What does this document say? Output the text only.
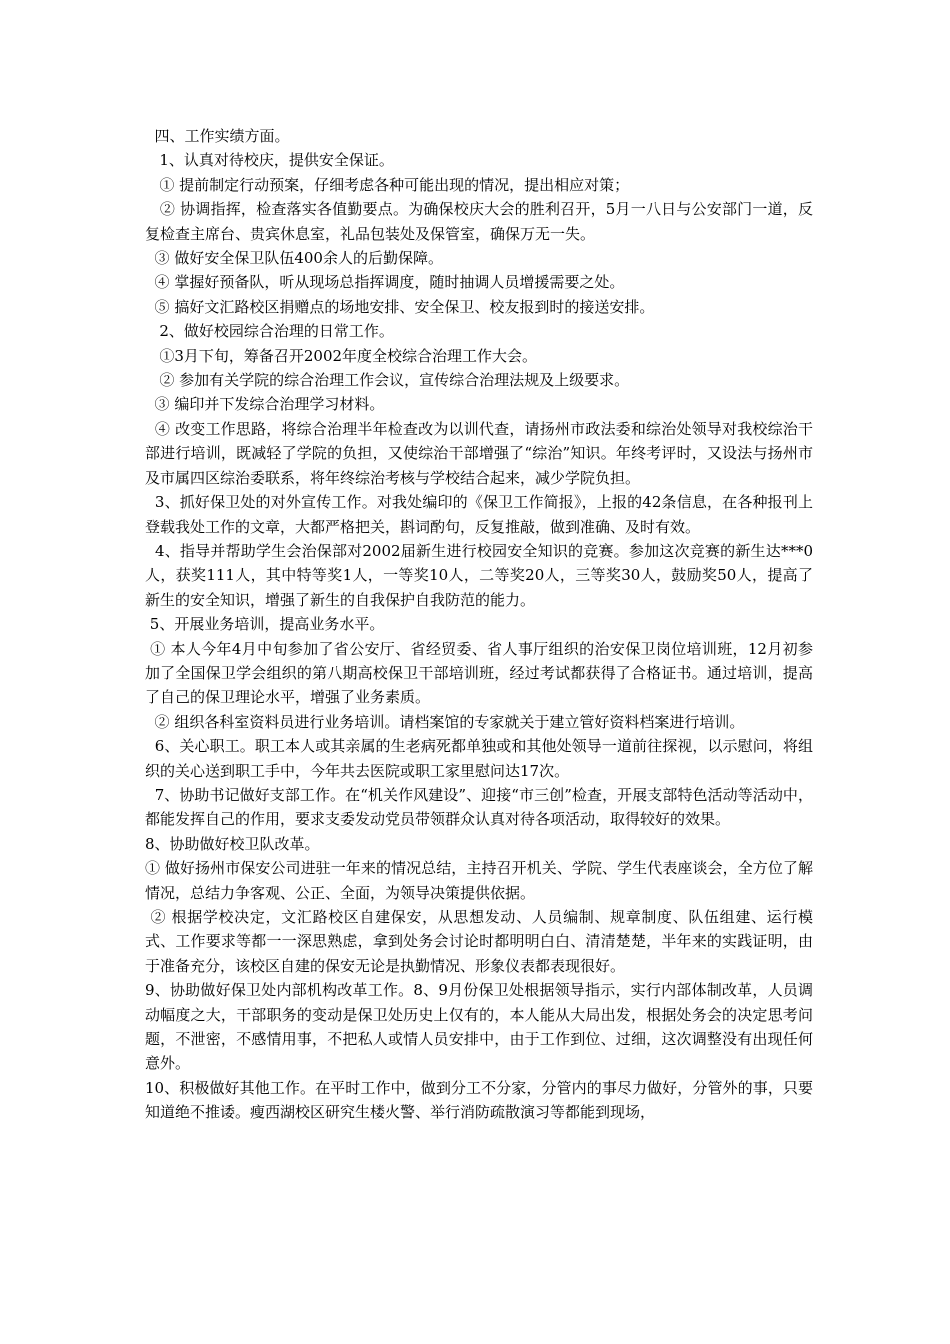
四、工作实绩方面。

1、认真对待校庆，提供安全保证。

① 提前制定行动预案，仔细考虑各种可能出现的情况，提出相应对策；

② 协调指挥，检查落实各值勤要点。为确保校庆大会的胜利召开，5月一八日与公安部门一道，反复检查主席台、贵宾休息室，礼品包装处及保管室，确保万无一失。

③ 做好安全保卫队伍400余人的后勤保障。

④ 掌握好预备队，听从现场总指挥调度，随时抽调人员增援需要之处。

⑤ 搞好文汇路校区捐赠点的场地安排、安全保卫、校友报到时的接送安排。

2、做好校园综合治理的日常工作。

①3月下旬，筹备召开2002年度全校综合治理工作大会。

② 参加有关学院的综合治理工作会议，宣传综合治理法规及上级要求。

③ 编印并下发综合治理学习材料。

④ 改变工作思路，将综合治理半年检查改为以训代查，请扬州市政法委和综治处领导对我校综治干部进行培训，既减轻了学院的负担，又使综治干部增强了“综治”知识。年终考评时，又设法与扬州市及市属四区综治委联系，将年终综治考核与学校结合起来，减少学院负担。

3、抓好保卫处的对外宣传工作。对我处编印的《保卫工作简报》，上报的42条信息，在各种报刊上登载我处工作的文章，大都严格把关，斟词酌句，反复推敲，做到准确、及时有效。

4、指导并帮助学生会治保部对2002届新生进行校园安全知识的竞赛。参加这次竞赛的新生达***0人，获奖111人，其中特等奖1人，一等奖10人，二等奖20人，三等奖30人，鼓励奖50人，提高了新生的安全知识，增强了新生的自我保护自我防范的能力。

5、开展业务培训，提高业务水平。

① 本人今年4月中旬参加了省公安厅、省经贸委、省人事厅组织的治安保卫岗位培训班，12月初参加了全国保卫学会组织的第八期高校保卫干部培训班，经过考试都获得了合格证书。通过培训，提高了自己的保卫理论水平，增强了业务素质。

② 组织各科室资料员进行业务培训。请档案馆的专家就关于建立管好资料档案进行培训。

6、关心职工。职工本人或其亲属的生老病死都单独或和其他处领导一道前往探视，以示慰问，将组织的关心送到职工手中，今年共去医院或职工家里慰问达17次。

7、协助书记做好支部工作。在“机关作风建设”、迎接“市三创”检查，开展支部特色活动等活动中，都能发挥自己的作用，要求支委发动党员带领群众认真对待各项活动，取得较好的效果。

8、协助做好校卫队改革。

① 做好扬州市保安公司进驻一年来的情况总结，主持召开机关、学院、学生代表座谈会，全方位了解情况，总结力争客观、公正、全面，为领导决策提供依据。

② 根据学校决定，文汇路校区自建保安，从思想发动、人员编制、规章制度、队伍组建、运行模式、工作要求等都一一深思熟虑，拿到处务会讨论时都明明白白、清清楚楚，半年来的实践证明，由于准备充分，该校区自建的保安无论是执勤情况、形象仪表都表现很好。

9、协助做好保卫处内部机构改革工作。8、9月份保卫处根据领导指示，实行内部体制改革，人员调动幅度之大，干部职务的变动是保卫处历史上仅有的，本人能从大局出发，根据处务会的决定思考问题，不泄密，不感情用事，不把私人或情人员安排中，由于工作到位、过细，这次调整没有出现任何意外。

10、积极做好其他工作。在平时工作中，做到分工不分家，分管内的事尽力做好，分管外的事，只要知道绝不推诿。瘦西湖校区研究生楼火警、举行消防疏散演习等都能到现场，
